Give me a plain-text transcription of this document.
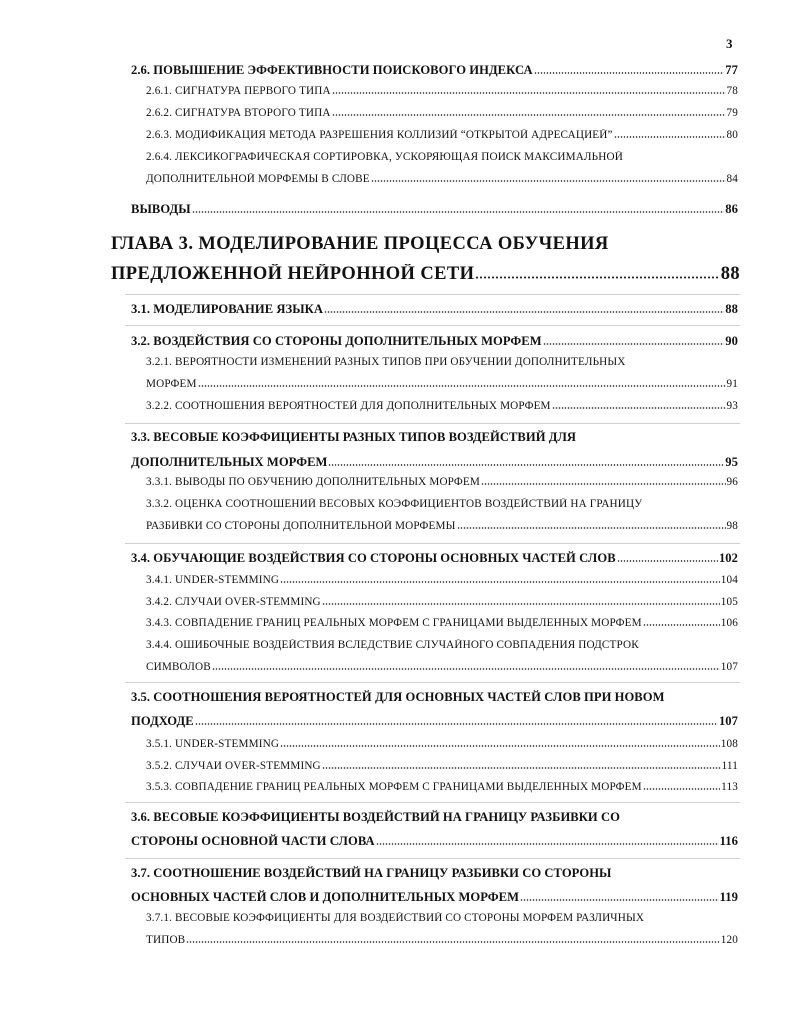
3
2.6. ПОВЫШЕНИЕ ЭФФЕКТИВНОСТИ ПОИСКОВОГО ИНДЕКСА	77
2.6.1. СИГНАТУРА ПЕРВОГО ТИПА	78
2.6.2. СИГНАТУРА ВТОРОГО ТИПА	79
2.6.3. МОДИФИКАЦИЯ МЕТОДА РАЗРЕШЕНИЯ КОЛЛИЗИЙ “ОТКРЫТОЙ АДРЕСАЦИЕЙ”	80
2.6.4. ЛЕКСИКОГРАФИЧЕСКАЯ СОРТИРОВКА, УСКОРЯЮЩАЯ ПОИСК МАКСИМАЛЬНОЙ
ДОПОЛНИТЕЛЬНОЙ МОРФЕМЫ В СЛОВЕ	84
ВЫВОДЫ	86
ГЛАВА 3. МОДЕЛИРОВАНИЕ ПРОЦЕССА ОБУЧЕНИЯ
ПРЕДЛОЖЕННОЙ НЕЙРОННОЙ СЕТИ	88
3.1. МОДЕЛИРОВАНИЕ ЯЗЫКА	88
3.2. ВОЗДЕЙСТВИЯ СО СТОРОНЫ ДОПОЛНИТЕЛЬНЫХ МОРФЕМ	90
3.2.1. ВЕРОЯТНОСТИ ИЗМЕНЕНИЙ РАЗНЫХ ТИПОВ ПРИ ОБУЧЕНИИ ДОПОЛНИТЕЛЬНЫХ
МОРФЕМ	91
3.2.2. СООТНОШЕНИЯ ВЕРОЯТНОСТЕЙ ДЛЯ ДОПОЛНИТЕЛЬНЫХ МОРФЕМ	93
3.3. ВЕСОВЫЕ КОЭФФИЦИЕНТЫ РАЗНЫХ ТИПОВ ВОЗДЕЙСТВИЙ ДЛЯ
ДОПОЛНИТЕЛЬНЫХ МОРФЕМ	95
3.3.1. ВЫВОДЫ ПО ОБУЧЕНИЮ ДОПОЛНИТЕЛЬНЫХ МОРФЕМ	96
3.3.2. ОЦЕНКА СООТНОШЕНИЙ ВЕСОВЫХ КОЭФФИЦИЕНТОВ ВОЗДЕЙСТВИЙ НА ГРАНИЦУ
РАЗБИВКИ СО СТОРОНЫ ДОПОЛНИТЕЛЬНОЙ МОРФЕМЫ	98
3.4. ОБУЧАЮЩИЕ ВОЗДЕЙСТВИЯ СО СТОРОНЫ ОСНОВНЫХ ЧАСТЕЙ СЛОВ	102
3.4.1. UNDER-STEMMING	104
3.4.2. СЛУЧАИ OVER-STEMMING	105
3.4.3. СОВПАДЕНИЕ ГРАНИЦ РЕАЛЬНЫХ МОРФЕМ С ГРАНИЦАМИ ВЫДЕЛЕННЫХ МОРФЕМ	106
3.4.4. ОШИБОЧНЫЕ ВОЗДЕЙСТВИЯ ВСЛЕДСТВИЕ СЛУЧАЙНОГО СОВПАДЕНИЯ ПОДСТРОК
СИМВОЛОВ	107
3.5. СООТНОШЕНИЯ ВЕРОЯТНОСТЕЙ ДЛЯ ОСНОВНЫХ ЧАСТЕЙ СЛОВ ПРИ НОВОМ
ПОДХОДЕ	107
3.5.1. UNDER-STEMMING	108
3.5.2. СЛУЧАИ OVER-STEMMING	111
3.5.3. СОВПАДЕНИЕ ГРАНИЦ РЕАЛЬНЫХ МОРФЕМ С ГРАНИЦАМИ ВЫДЕЛЕННЫХ МОРФЕМ	113
3.6. ВЕСОВЫЕ КОЭФФИЦИЕНТЫ ВОЗДЕЙСТВИЙ НА ГРАНИЦУ РАЗБИВКИ СО
СТОРОНЫ ОСНОВНОЙ ЧАСТИ СЛОВА	116
3.7. СООТНОШЕНИЕ ВОЗДЕЙСТВИЙ НА ГРАНИЦУ РАЗБИВКИ СО СТОРОНЫ
ОСНОВНЫХ ЧАСТЕЙ СЛОВ И ДОПОЛНИТЕЛЬНЫХ МОРФЕМ	119
3.7.1. ВЕСОВЫЕ КОЭФФИЦИЕНТЫ ДЛЯ ВОЗДЕЙСТВИЙ СО СТОРОНЫ МОРФЕМ РАЗЛИЧНЫХ
ТИПОВ	120
